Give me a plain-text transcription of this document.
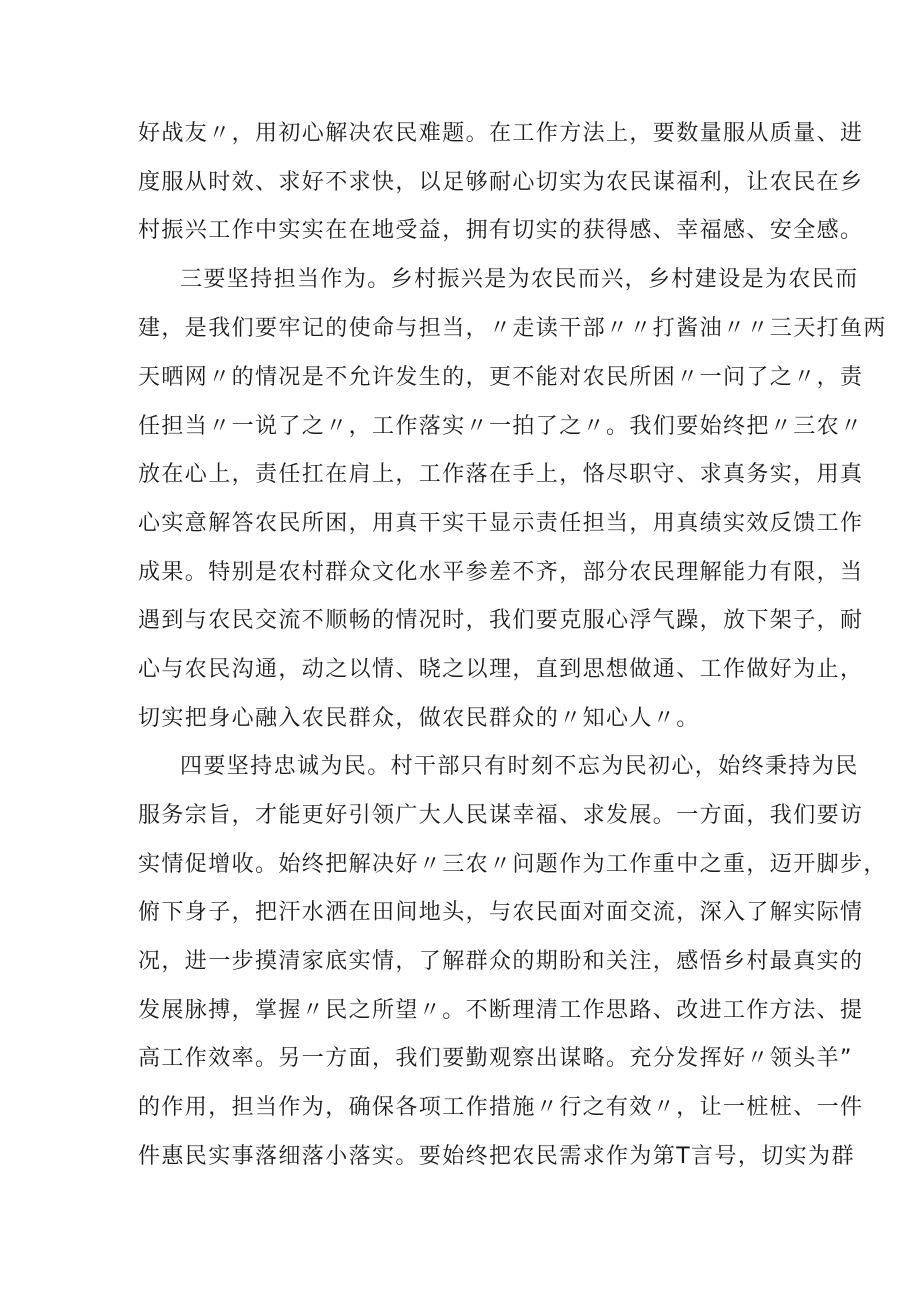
好战友〃，用初心解决农民难题。在工作方法上，要数量服从质量、进
度服从时效、求好不求快，以足够耐心切实为农民谋福利，让农民在乡
村振兴工作中实实在在地受益，拥有切实的获得感、幸福感、安全感。
三要坚持担当作为。乡村振兴是为农民而兴，乡村建设是为农民而
建，是我们要牢记的使命与担当，〃走读干部〃〃打酱油〃〃三天打鱼两
天晒网〃的情况是不允许发生的，更不能对农民所困〃一问了之〃，责
任担当〃一说了之〃，工作落实〃一拍了之〃。我们要始终把〃三农〃
放在心上，责任扛在肩上，工作落在手上，恪尽职守、求真务实，用真
心实意解答农民所困，用真干实干显示责任担当，用真绩实效反馈工作
成果。特别是农村群众文化水平参差不齐，部分农民理解能力有限，当
遇到与农民交流不顺畅的情况时，我们要克服心浮气躁，放下架子，耐
心与农民沟通，动之以情、晓之以理，直到思想做通、工作做好为止，
切实把身心融入农民群众，做农民群众的〃知心人〃。
四要坚持忠诚为民。村干部只有时刻不忘为民初心，始终秉持为民
服务宗旨，才能更好引领广大人民谋幸福、求发展。一方面，我们要访
实情促增收。始终把解决好〃三农〃问题作为工作重中之重，迈开脚步，
俯下身子，把汗水洒在田间地头，与农民面对面交流，深入了解实际情
况，进一步摸清家底实情，了解群众的期盼和关注，感悟乡村最真实的
发展脉搏，掌握〃民之所望〃。不断理清工作思路、改进工作方法、提
高工作效率。另一方面，我们要勤观察出谋略。充分发挥好〃领头羊”
的作用，担当作为，确保各项工作措施〃行之有效〃，让一桩桩、一件
件惠民实事落细落小落实。要始终把农民需求作为第T言号，切实为群
